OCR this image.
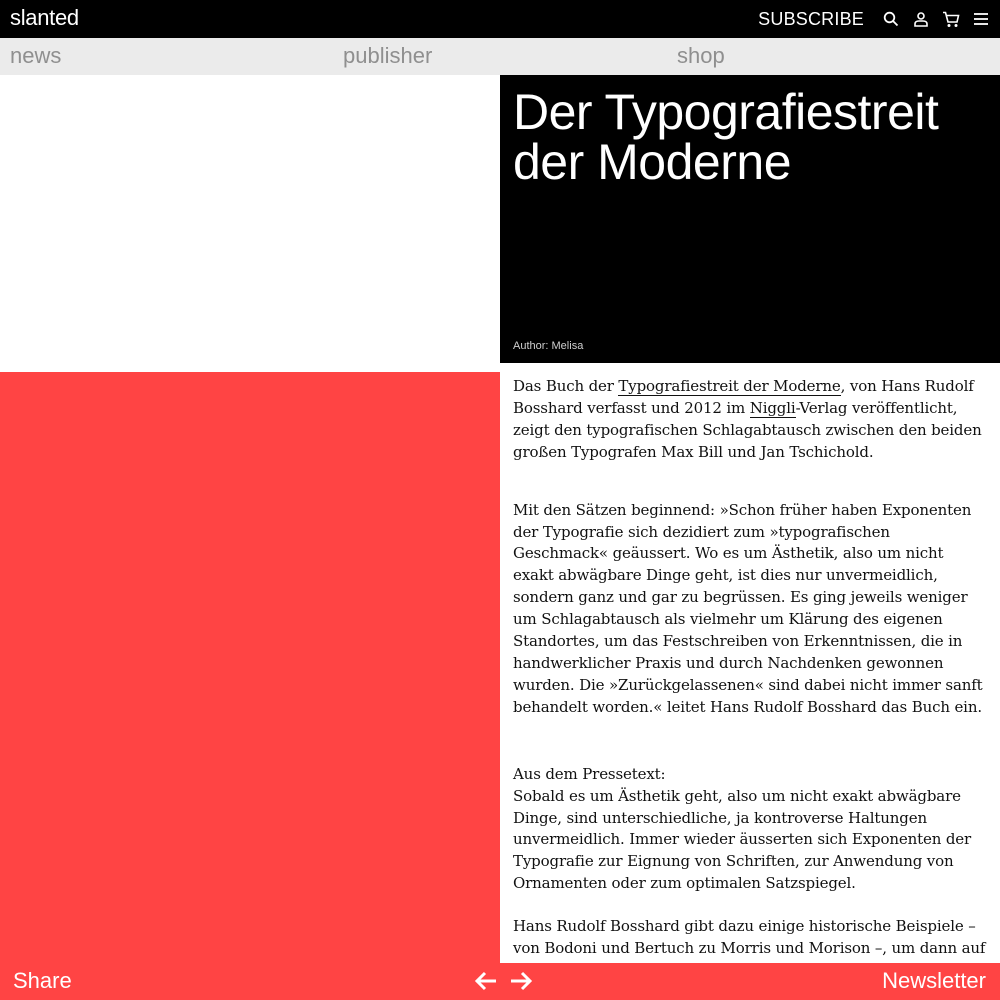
slanted	SUBSCRIBE
news	publisher	shop
Der Typografiestreit
der Moderne
Author: Melisa

Das Buch der Typografiestreit der Moderne, von Hans Rudolf Bosshard verfasst und 2012 im Niggli-Verlag veröffentlicht, zeigt den typografischen Schlagabtausch zwischen den beiden großen Typografen Max Bill und Jan Tschichold.

Mit den Sätzen beginnend: »Schon früher haben Exponenten der Typografie sich dezidiert zum »typografischen Geschmack« geäussert. Wo es um Ästhetik, also um nicht exakt abwägbare Dinge geht, ist dies nur unvermeidlich, sondern ganz und gar zu begrüssen. Es ging jeweils weniger um Schlagabtausch als vielmehr um Klärung des eigenen Standortes, um das Festschreiben von Erkenntnissen, die in handwerklicher Praxis und durch Nachdenken gewonnen wurden. Die »Zurückgelassenen« sind dabei nicht immer sanft behandelt worden.« leitet Hans Rudolf Bosshard das Buch ein.

Aus dem Pressetext:

Sobald es um Ästhetik geht, also um nicht exakt abwägbare Dinge, sind unterschiedliche, ja kontroverse Haltungen unvermeidlich. Immer wieder äusserten sich Exponenten der Typografie zur Eignung von Schriften, zur Anwendung von Ornamenten oder zum optimalen Satzspiegel.

Hans Rudolf Bosshard gibt dazu einige historische Beispiele – von Bodoni und Bertuch zu Morris und Morison –, um dann auf

Share	Newsletter
